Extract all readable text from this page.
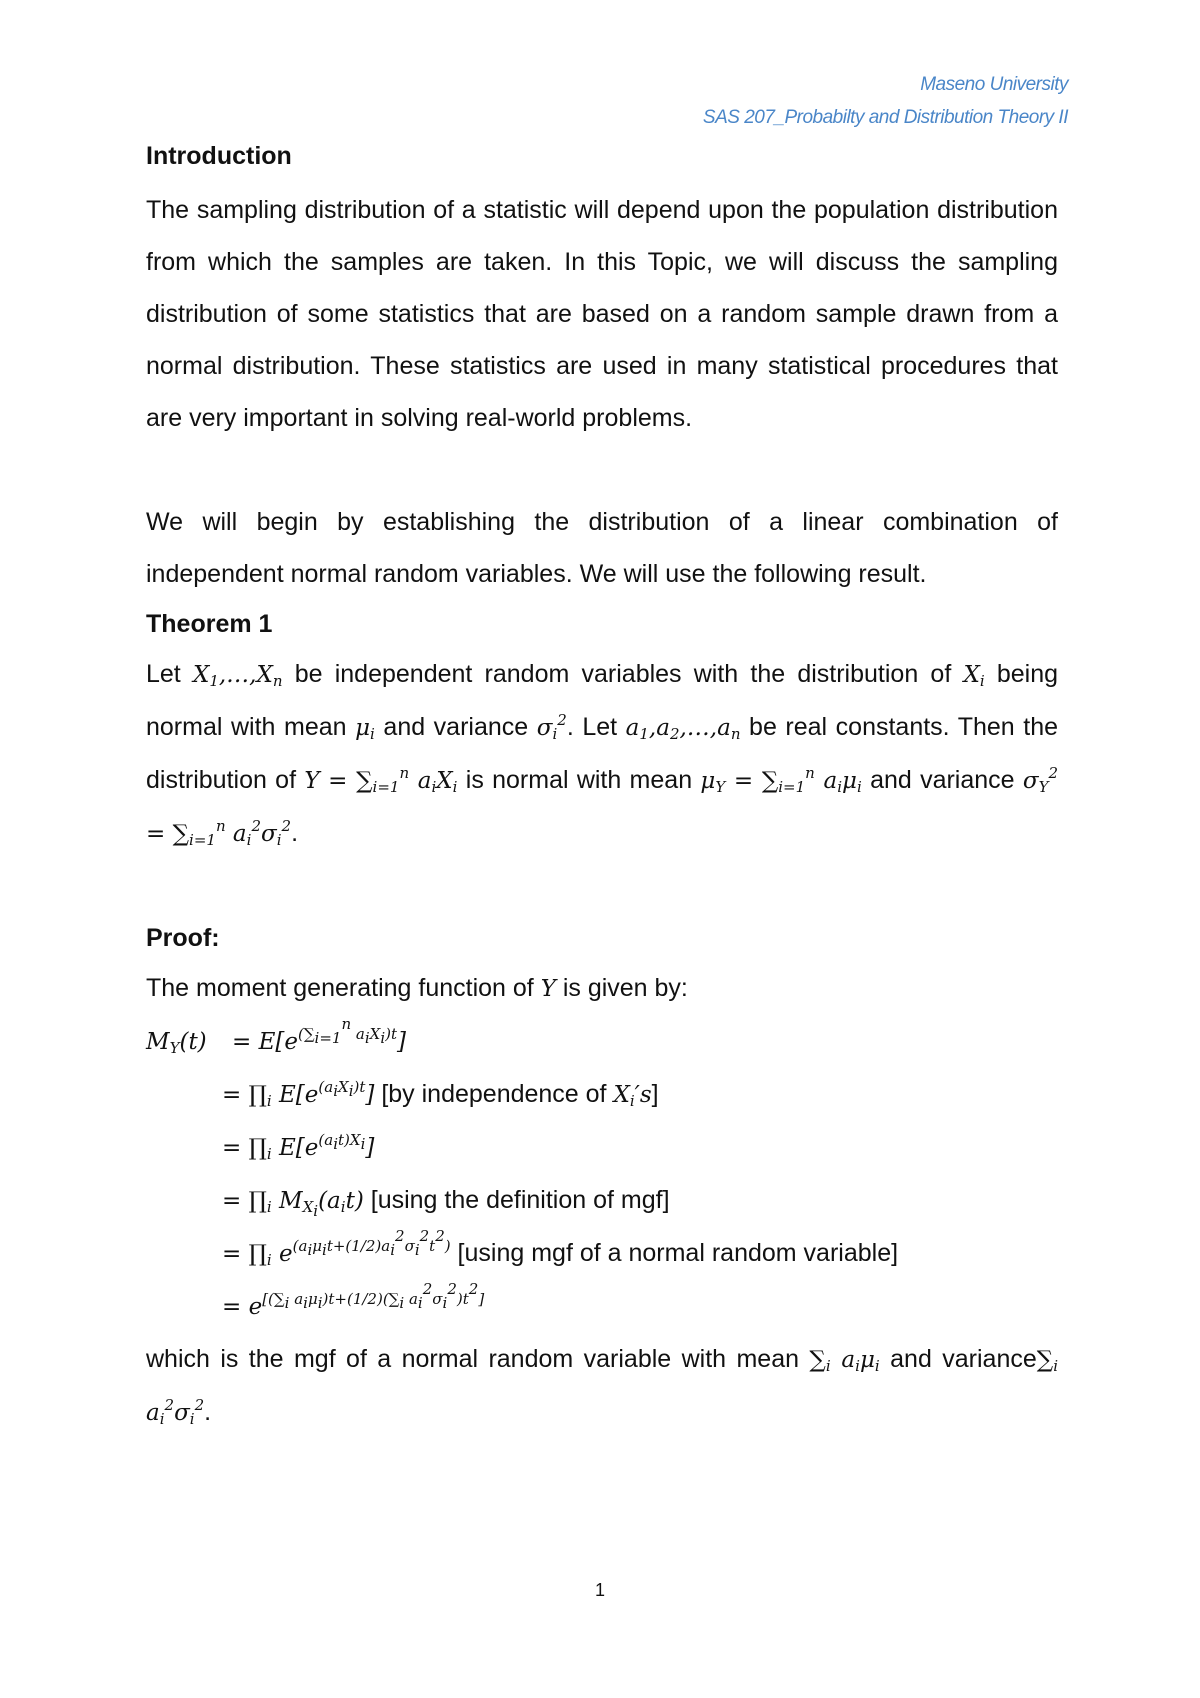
Maseno University
SAS 207_Probabilty and Distribution Theory II

Introduction

The sampling distribution of a statistic will depend upon the population distribution from which the samples are taken. In this Topic, we will discuss the sampling distribution of some statistics that are based on a random sample drawn from a normal distribution. These statistics are used in many statistical procedures that are very important in solving real-world problems.

We will begin by establishing the distribution of a linear combination of independent normal random variables. We will use the following result.

Theorem 1

Let $X_1,\dots,X_n$ be independent random variables with the distribution of $X_i$ being normal with mean $\mu_i$ and variance $\sigma_i^2$. Let $a_1,a_2,\dots,a_n$ be real constants. Then the distribution of $Y = \sum_{i=1}^n$ $a_iX_i$ is normal with mean $\mu_Y = \sum_{i=1}^n$ $a_i\mu_i$ and variance $\sigma_Y^2 = \sum_{i=1}^n$ $a_i^2\sigma_i^2$.

Proof:

The moment generating function of Y is given by:

$M_Y(t) = E[e^{(\sum_{i=1}^n a_iX_i)t}]$
= $\prod_i$ $E[e^{(a_iX_i)t}]$ [by independence of $X_i's$]
= $\prod_i$ $E[e^{(a_it)X_i}]$
= $\prod_i$ $M_{X_i}(a_it)$ [using the definition of mgf]
= $\prod_i$ $e^{(a_i\mu_it+(1/2)a_i^2\sigma_i^2t^2)}$ [using mgf of a normal random variable]
= e[(∑i aiμi)t+(1/2)(∑i ai2σi2)t2]

which is the mgf of a normal random variable with mean $\sum_i$ $a_i\mu_i$ and $variance\sum_i$ $a_i^2\sigma_i^2$.

1
